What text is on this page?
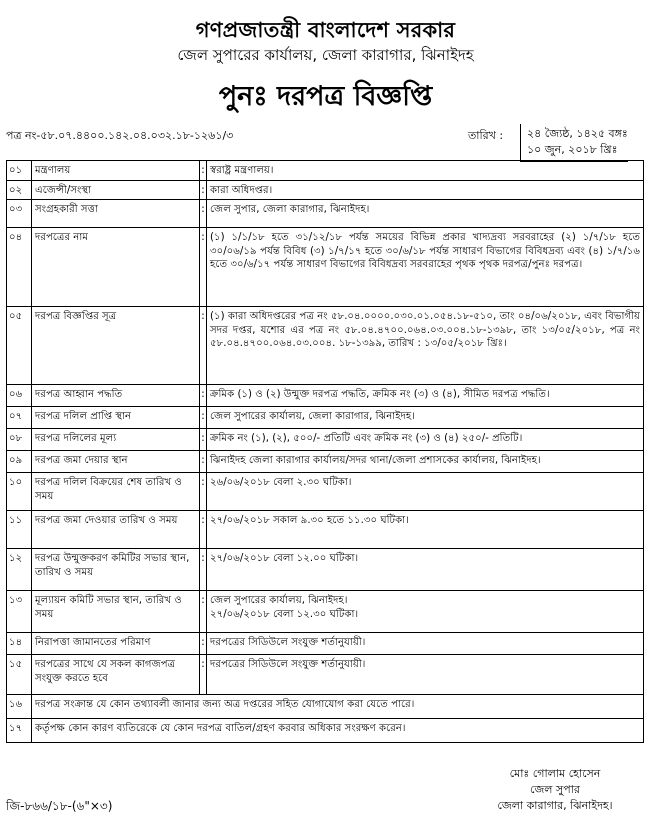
গণপ্রজাতন্ত্রী বাংলাদেশ সরকার
জেল সুপারের কার্যালয়, জেলা কারাগার, ঝিনাইদহ
পুনঃ দরপত্র বিজ্ঞপ্তি
পত্র নং-৫৮.০৭.৪৪০০.১৪২.০৪.০৩২.১৮-১২৬১/৩	তারিখ : ২৪ জ্যৈষ্ঠ, ১৪২৫ বঙ্গঃ
১০ জুন, ২০১৮ খ্রিঃ
০১	মন্ত্রণালয়	:	স্বরাষ্ট্র মন্ত্রণালয়।
০২	এজেন্সী/সংস্থা	:	কারা অধিদপ্তর।
০৩	সংগ্রহকারী সত্তা	:	জেল সুপার, জেলা কারাগার, ঝিনাইদহ।
০৪	দরপত্রের নাম	:	(১) ১/১/১৮ হতে ৩১/১২/১৮ পর্যন্ত সময়ের বিভিন্ন প্রকার খাদ্যদ্রব্য সরবরাহের (২) ১/৭/১৮ হতে ৩০/০৬/১৯ পর্যন্ত বিবিধ (৩) ১/৭/১৭ হতে ৩০/৬/১৮ পর্যন্ত সাধারণ বিভাগের বিবিধদ্রব্য এবং (৪) ১/৭/১৬ হতে ৩০/৬/১৭ পর্যন্ত সাধারণ বিভাগের বিবিধদ্রব্য সরবরাহের পৃথক পৃথক দরপত্র/পুনঃ দরপত্র।
০৫	দরপত্র বিজ্ঞপ্তির সূত্র	:	(১) কারা অধিদপ্তরের পত্র নং ৫৮.০৪.০০০০.০৩০.০১.০৫৪.১৮-৫১০, তাং ০৪/০৬/২০১৮, এবং বিভাগীয় সদর দপ্তর, যশোর এর পত্র নং ৫৮.০৪.৪৭০০.০৬৪.০৩.০০৪.১৮-১৩৯৮, তাং ১৩/০৫/২০১৮, পত্র নং ৫৮.০৪.৪৭০০.০৬৪.০৩.০০৪. ১৮-১৩৯৯, তারিখ : ১৩/০৫/২০১৮ খ্রিঃ।
০৬	দরপত্র আহ্বান পদ্ধতি	:	ক্রমিক (১) ও (২) উন্মুক্ত দরপত্র পদ্ধতি, ক্রমিক নং (৩) ও (৪), সীমিত দরপত্র পদ্ধতি।
০৭	দরপত্র দলিল প্রাপ্তি স্থান	:	জেল সুপারের কার্যালয়, জেলা কারাগার, ঝিনাইদহ।
০৮	দরপত্র দলিলের মূল্য	:	ক্রমিক নং (১), (২), ৫০০/- প্রতিটি এবং ক্রমিক নং (৩) ও (৪) ২৫০/- প্রতিটি।
০৯	দরপত্র জমা দেয়ার স্থান	:	ঝিনাইদহ জেলা কারাগার কার্যালয়/সদর থানা/জেলা প্রশাসকের কার্যালয়, ঝিনাইদহ।
১০	দরপত্র দলিল বিক্রয়ের শেষ তারিখ ও সময়	:	২৬/০৬/২০১৮ বেলা ২.৩০ ঘটিকা।
১১	দরপত্র জমা দেওয়ার তারিখ ও সময়	:	২৭/০৬/২০১৮ সকাল ৯.৩০ হতে ১১.৩০ ঘটিকা।
১২	দরপত্র উন্মুক্তকরণ কমিটির সভার স্থান, তারিখ ও সময়	:	২৭/০৬/২০১৮ বেলা ১২.০০ ঘটিকা।
১৩	মূল্যায়ন কমিটি সভার স্থান, তারিখ ও সময়	:	জেল সুপারের কার্যালয়, ঝিনাইদহ।
২৭/০৬/২০১৮ বেলা ১২.৩০ ঘটিকা।

১৪	নিরাপত্তা জামানতের পরিমাণ	:	দরপত্রের সিডিউলে সংযুক্ত শর্তানুযায়ী।
১৫	দরপত্রের সাথে যে সকল কাগজপত্র সংযুক্ত করতে হবে	:	দরপত্রের সিডিউলে সংযুক্ত শর্তানুযায়ী।
১৬	দরপত্র সংক্রান্ত যে কোন তথ্যাবলী জানার জন্য অত্র দপ্তরের সহিত যোগাযোগ করা যেতে পারে।		
১৭	কর্তৃপক্ষ কোন কারণ ব্যতিরেকে যে কোন দরপত্র বাতিল/গ্রহণ করবার অধিকার সংরক্ষণ করেন।		
মোঃ গোলাম হোসেন
জেল সুপার
জেলা কারাগার, ঝিনাইদহ।
জি-৮৬৬/১৮-(৬"×৩)
